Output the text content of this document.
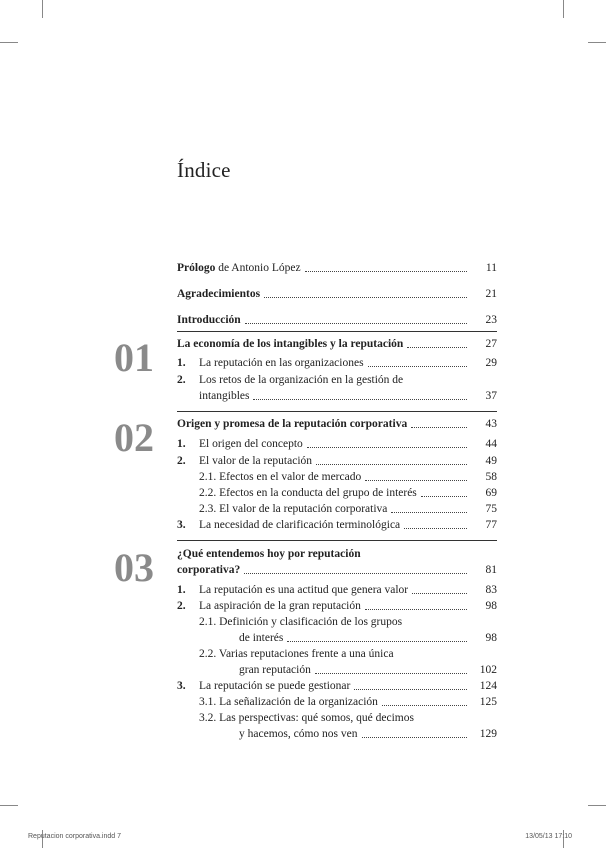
Índice
Prólogo de Antonio López	11
Agradecimientos	21
Introducción	23
01 La economía de los intangibles y la reputación	27
1.	La reputación en las organizaciones	29
2.	Los retos de la organización en la gestión de
intangibles	37
02 Origen y promesa de la reputación corporativa	43
1.	El origen del concepto	44
2.	El valor de la reputación	49
2.1. Efectos en el valor de mercado	58
2.2. Efectos en la conducta del grupo de interés	69
2.3. El valor de la reputación corporativa	75
3.	La necesidad de clarificación terminológica	77
03 ¿Qué entendemos hoy por reputación
corporativa?	81
1.	La reputación es una actitud que genera valor	83
2.	La aspiración de la gran reputación	98
2.1. Definición y clasificación de los grupos
de interés	98
2.2. Varias reputaciones frente a una única
gran reputación	102
3.	La reputación se puede gestionar	124
3.1. La señalización de la organización	125
3.2. Las perspectivas: qué somos, qué decimos
y hacemos, cómo nos ven	129
Reputacion corporativa.indd 7	13/05/13 17:10
